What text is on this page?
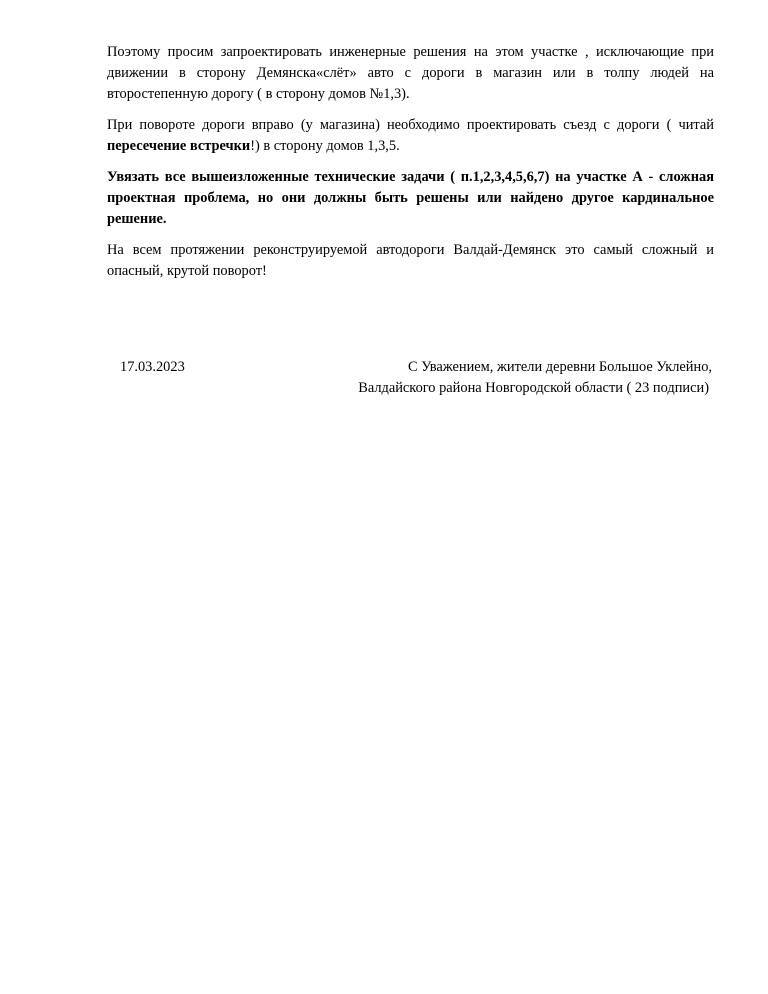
Поэтому просим запроектировать инженерные решения на этом участке , исключающие при движении в сторону Демянска«слёт» авто с дороги в магазин или в толпу людей на второстепенную дорогу ( в сторону домов №1,3).

При повороте дороги вправо (у магазина) необходимо проектировать съезд с дороги ( читай пересечение встречки!) в сторону домов 1,3,5.

Увязать все вышеизложенные технические задачи ( п.1,2,3,4,5,6,7) на участке А - сложная проектная проблема, но они должны быть решены или найдено другое кардинальное решение.

На всем протяжении реконструируемой автодороги Валдай-Демянск это самый сложный и опасный, крутой поворот!

17.03.2023	С Уважением, жители деревни Большое Уклейно,
Валдайского района Новгородской области ( 23 подписи)
